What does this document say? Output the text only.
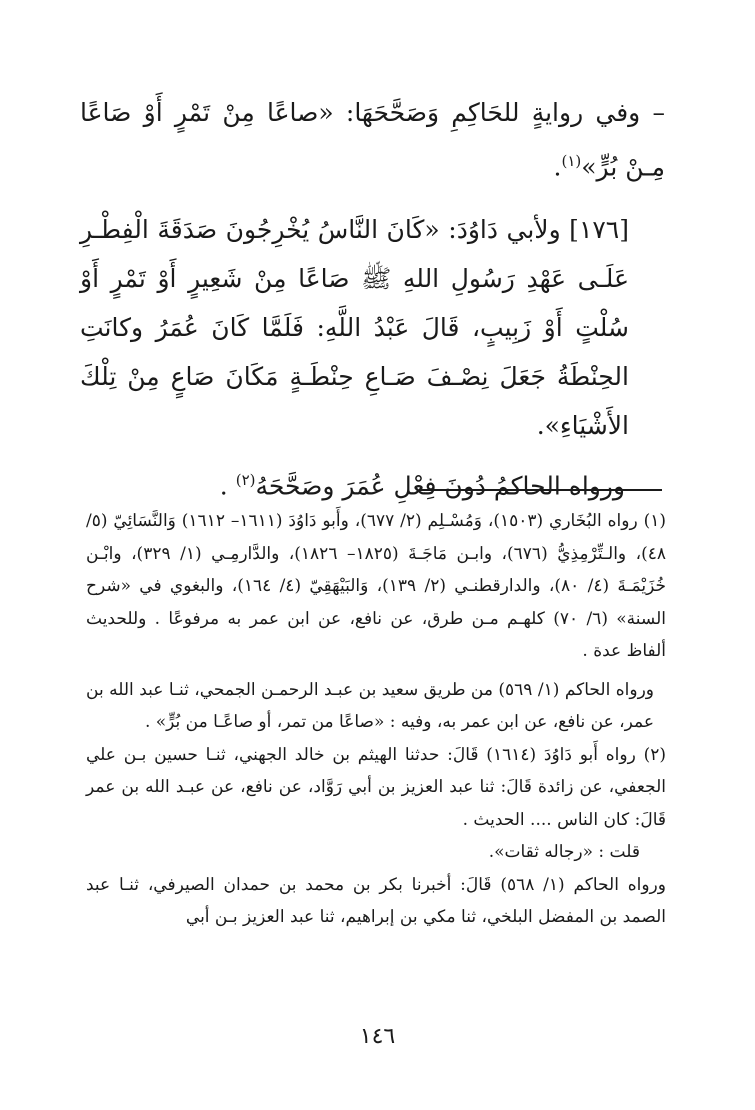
– وفي روايةٍ للحَاكِمِ وَصَحَّحَهَا: «صاعًا مِنْ تَمْرٍ أَوْ صَاعًا مِـنْ بُرٍّ»$^{(١)}$.

[١٧٦] ولأبي دَاوُدَ: «كَانَ النَّاسُ يُخْرِجُونَ صَدَقَةَ الْفِطْـرِ عَلَـى عَهْدِ رَسُولِ اللهِ ﷺ صَاعًا مِنْ شَعِيرٍ أَوْ تَمْرٍ أَوْ سُلْتٍ أَوْ زَبِيبٍ، قَالَ عَبْدُ اللَّهِ: فَلَمَّا كَانَ عُمَرُ وكانَتِ الحِنْطَةُ جَعَلَ نِصْـفَ صَـاعِ حِنْطَـةٍ مَكَانَ صَاعٍ مِنْ تِلْكَ الأَشْيَاءِ».

ورواه الحاكمُ دُونَ فِعْلِ عُمَرَ وصَحَّحَهُ$^{(٢)}$ .

(١) رواه البُخَاري (١٥٠٣)، وَمُسْـلِم (٢/ ٦٧٧)، وأَبو دَاوُدَ (١٦١١– ١٦١٢) وَالنَّسَائِيّ (٥/ ٤٨)، والـتِّرْمِذِيُّ (٦٧٦)، وابـن مَاجَـةَ (١٨٢٥– ١٨٢٦)، والدَّارمِـي (١/ ٣٢٩)، وابْـن خُزَيْمَـةَ (٤/ ٨٠)، والدارقطنـي (٢/ ١٣٩)، وَالبَيْهَقِيّ (٤/ ١٦٤)، والبغوي في «شرح السنة» (٦/ ٧٠) كلهـم مـن طرق، عن نافع، عن ابن عمر به مرفوعًا . وللحديث ألفاظ عدة .

ورواه الحاكم (١/ ٥٦٩) من طريق سعيد بن عبـد الرحمـن الجمحي، ثنـا عبد الله بن عمر، عن نافع، عن ابن عمر به، وفيه : «صاعًا من تمر، أو صاعًـا من بُرٍّ» .

(٢) رواه أَبو دَاوُدَ (١٦١٤) قَالَ: حدثنا الهيثم بن خالد الجهني، ثنـا حسين بـن علي الجعفي، عن زائدة قَالَ: ثنا عبد العزيز بن أبي رَوَّاد، عن نافع، عن عبـد الله بن عمر قَالَ: كان الناس .... الحديث .

قلت : «رجاله ثقات».

ورواه الحاكم (١/ ٥٦٨) قَالَ: أخبرنا بكر بن محمد بن حمدان الصيرفي، ثنـا عبد الصمد بن المفضل البلخي، ثنا مكي بن إبراهيم، ثنا عبد العزيز بـن أبي

١٤٦
